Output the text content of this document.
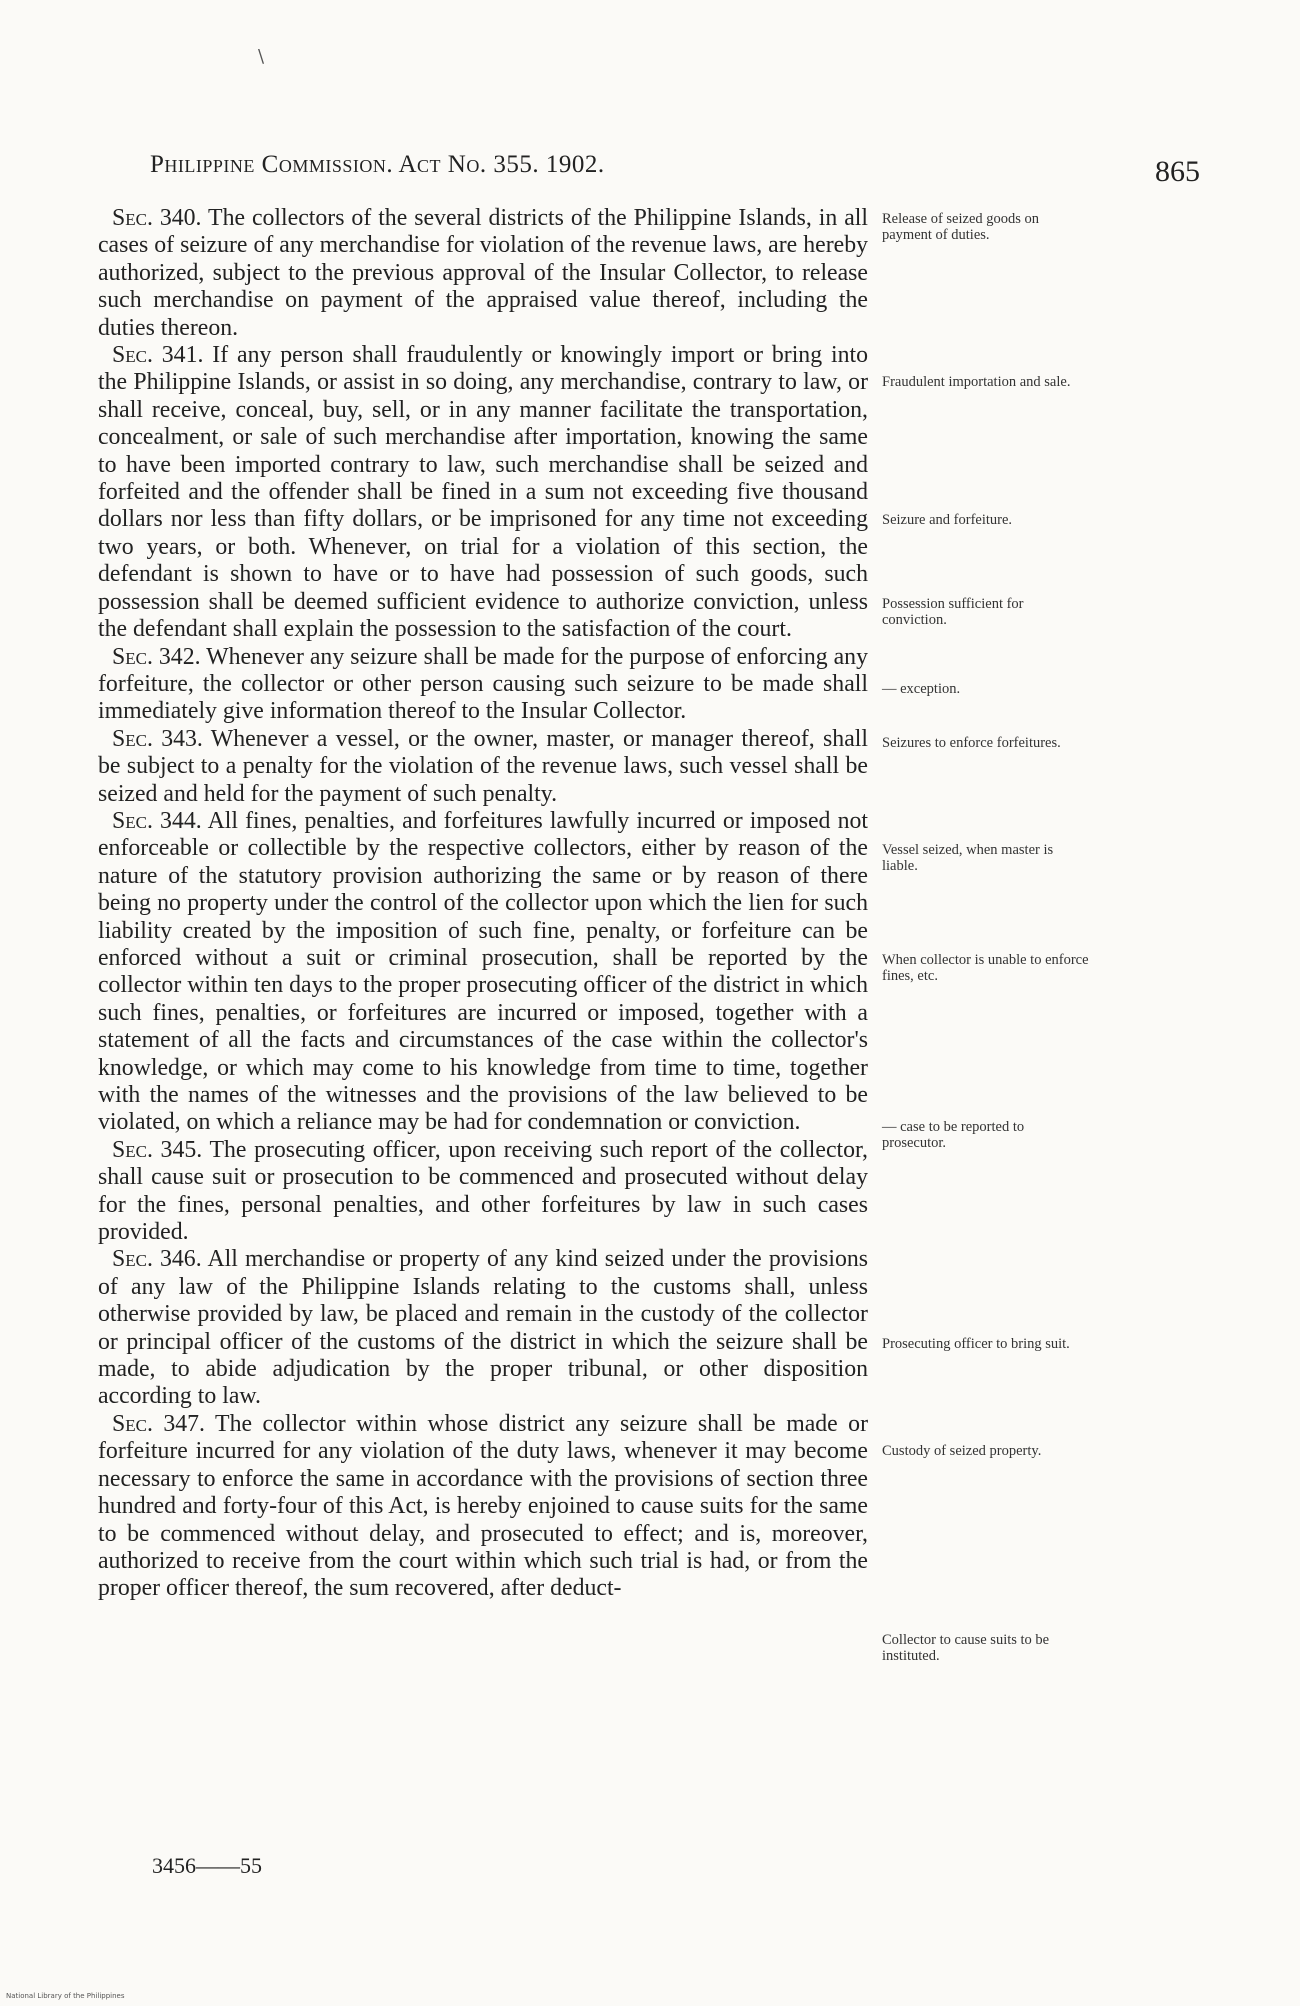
\
Philippine Commission. Act No. 355. 1902.	865

Sec. 340. The collectors of the several districts of the Philippine Islands, in all cases of seizure of any merchandise for violation of the revenue laws, are hereby authorized, subject to the previous approval of the Insular Collector, to release such merchandise on payment of the appraised value thereof, including the duties thereon.

Sec. 341. If any person shall fraudulently or knowingly import or bring into the Philippine Islands, or assist in so doing, any merchandise, contrary to law, or shall receive, conceal, buy, sell, or in any manner facilitate the transportation, concealment, or sale of such merchandise after importation, knowing the same to have been imported contrary to law, such merchandise shall be seized and forfeited and the offender shall be fined in a sum not exceeding five thousand dollars nor less than fifty dollars, or be imprisoned for any time not exceeding two years, or both. Whenever, on trial for a violation of this section, the defendant is shown to have or to have had possession of such goods, such possession shall be deemed sufficient evidence to authorize conviction, unless the defendant shall explain the possession to the satisfaction of the court.

Sec. 342. Whenever any seizure shall be made for the purpose of enforcing any forfeiture, the collector or other person causing such seizure to be made shall immediately give information thereof to the Insular Collector.

Sec. 343. Whenever a vessel, or the owner, master, or manager thereof, shall be subject to a penalty for the violation of the revenue laws, such vessel shall be seized and held for the payment of such penalty.

Sec. 344. All fines, penalties, and forfeitures lawfully incurred or imposed not enforceable or collectible by the respective collectors, either by reason of the nature of the statutory provision authorizing the same or by reason of there being no property under the control of the collector upon which the lien for such liability created by the imposition of such fine, penalty, or forfeiture can be enforced without a suit or criminal prosecution, shall be reported by the collector within ten days to the proper prosecuting officer of the district in which such fines, penalties, or forfeitures are incurred or imposed, together with a statement of all the facts and circumstances of the case within the collector's knowledge, or which may come to his knowledge from time to time, together with the names of the witnesses and the provisions of the law believed to be violated, on which a reliance may be had for condemnation or conviction.

Sec. 345. The prosecuting officer, upon receiving such report of the collector, shall cause suit or prosecution to be commenced and prosecuted without delay for the fines, personal penalties, and other forfeitures by law in such cases provided.

Sec. 346. All merchandise or property of any kind seized under the provisions of any law of the Philippine Islands relating to the customs shall, unless otherwise provided by law, be placed and remain in the custody of the collector or principal officer of the customs of the district in which the seizure shall be made, to abide adjudication by the proper tribunal, or other disposition according to law.

Sec. 347. The collector within whose district any seizure shall be made or forfeiture incurred for any violation of the duty laws, whenever it may become necessary to enforce the same in accordance with the provisions of section three hundred and forty-four of this Act, is hereby enjoined to cause suits for the same to be commenced without delay, and prosecuted to effect; and is, moreover, authorized to receive from the court within which such trial is had, or from the proper officer thereof, the sum recovered, after deduct-

Release of seized goods on payment of duties.
Fraudulent importation and sale.
Seizure and forfeiture.
Possession sufficient for conviction.
— exception.
Seizures to enforce forfeitures.
Vessel seized, when master is liable.
When collector is unable to enforce fines, etc.
— case to be reported to prosecutor.
Prosecuting officer to bring suit.
Custody of seized property.
Collector to cause suits to be instituted.
3456——55
National Library of the Philippines
